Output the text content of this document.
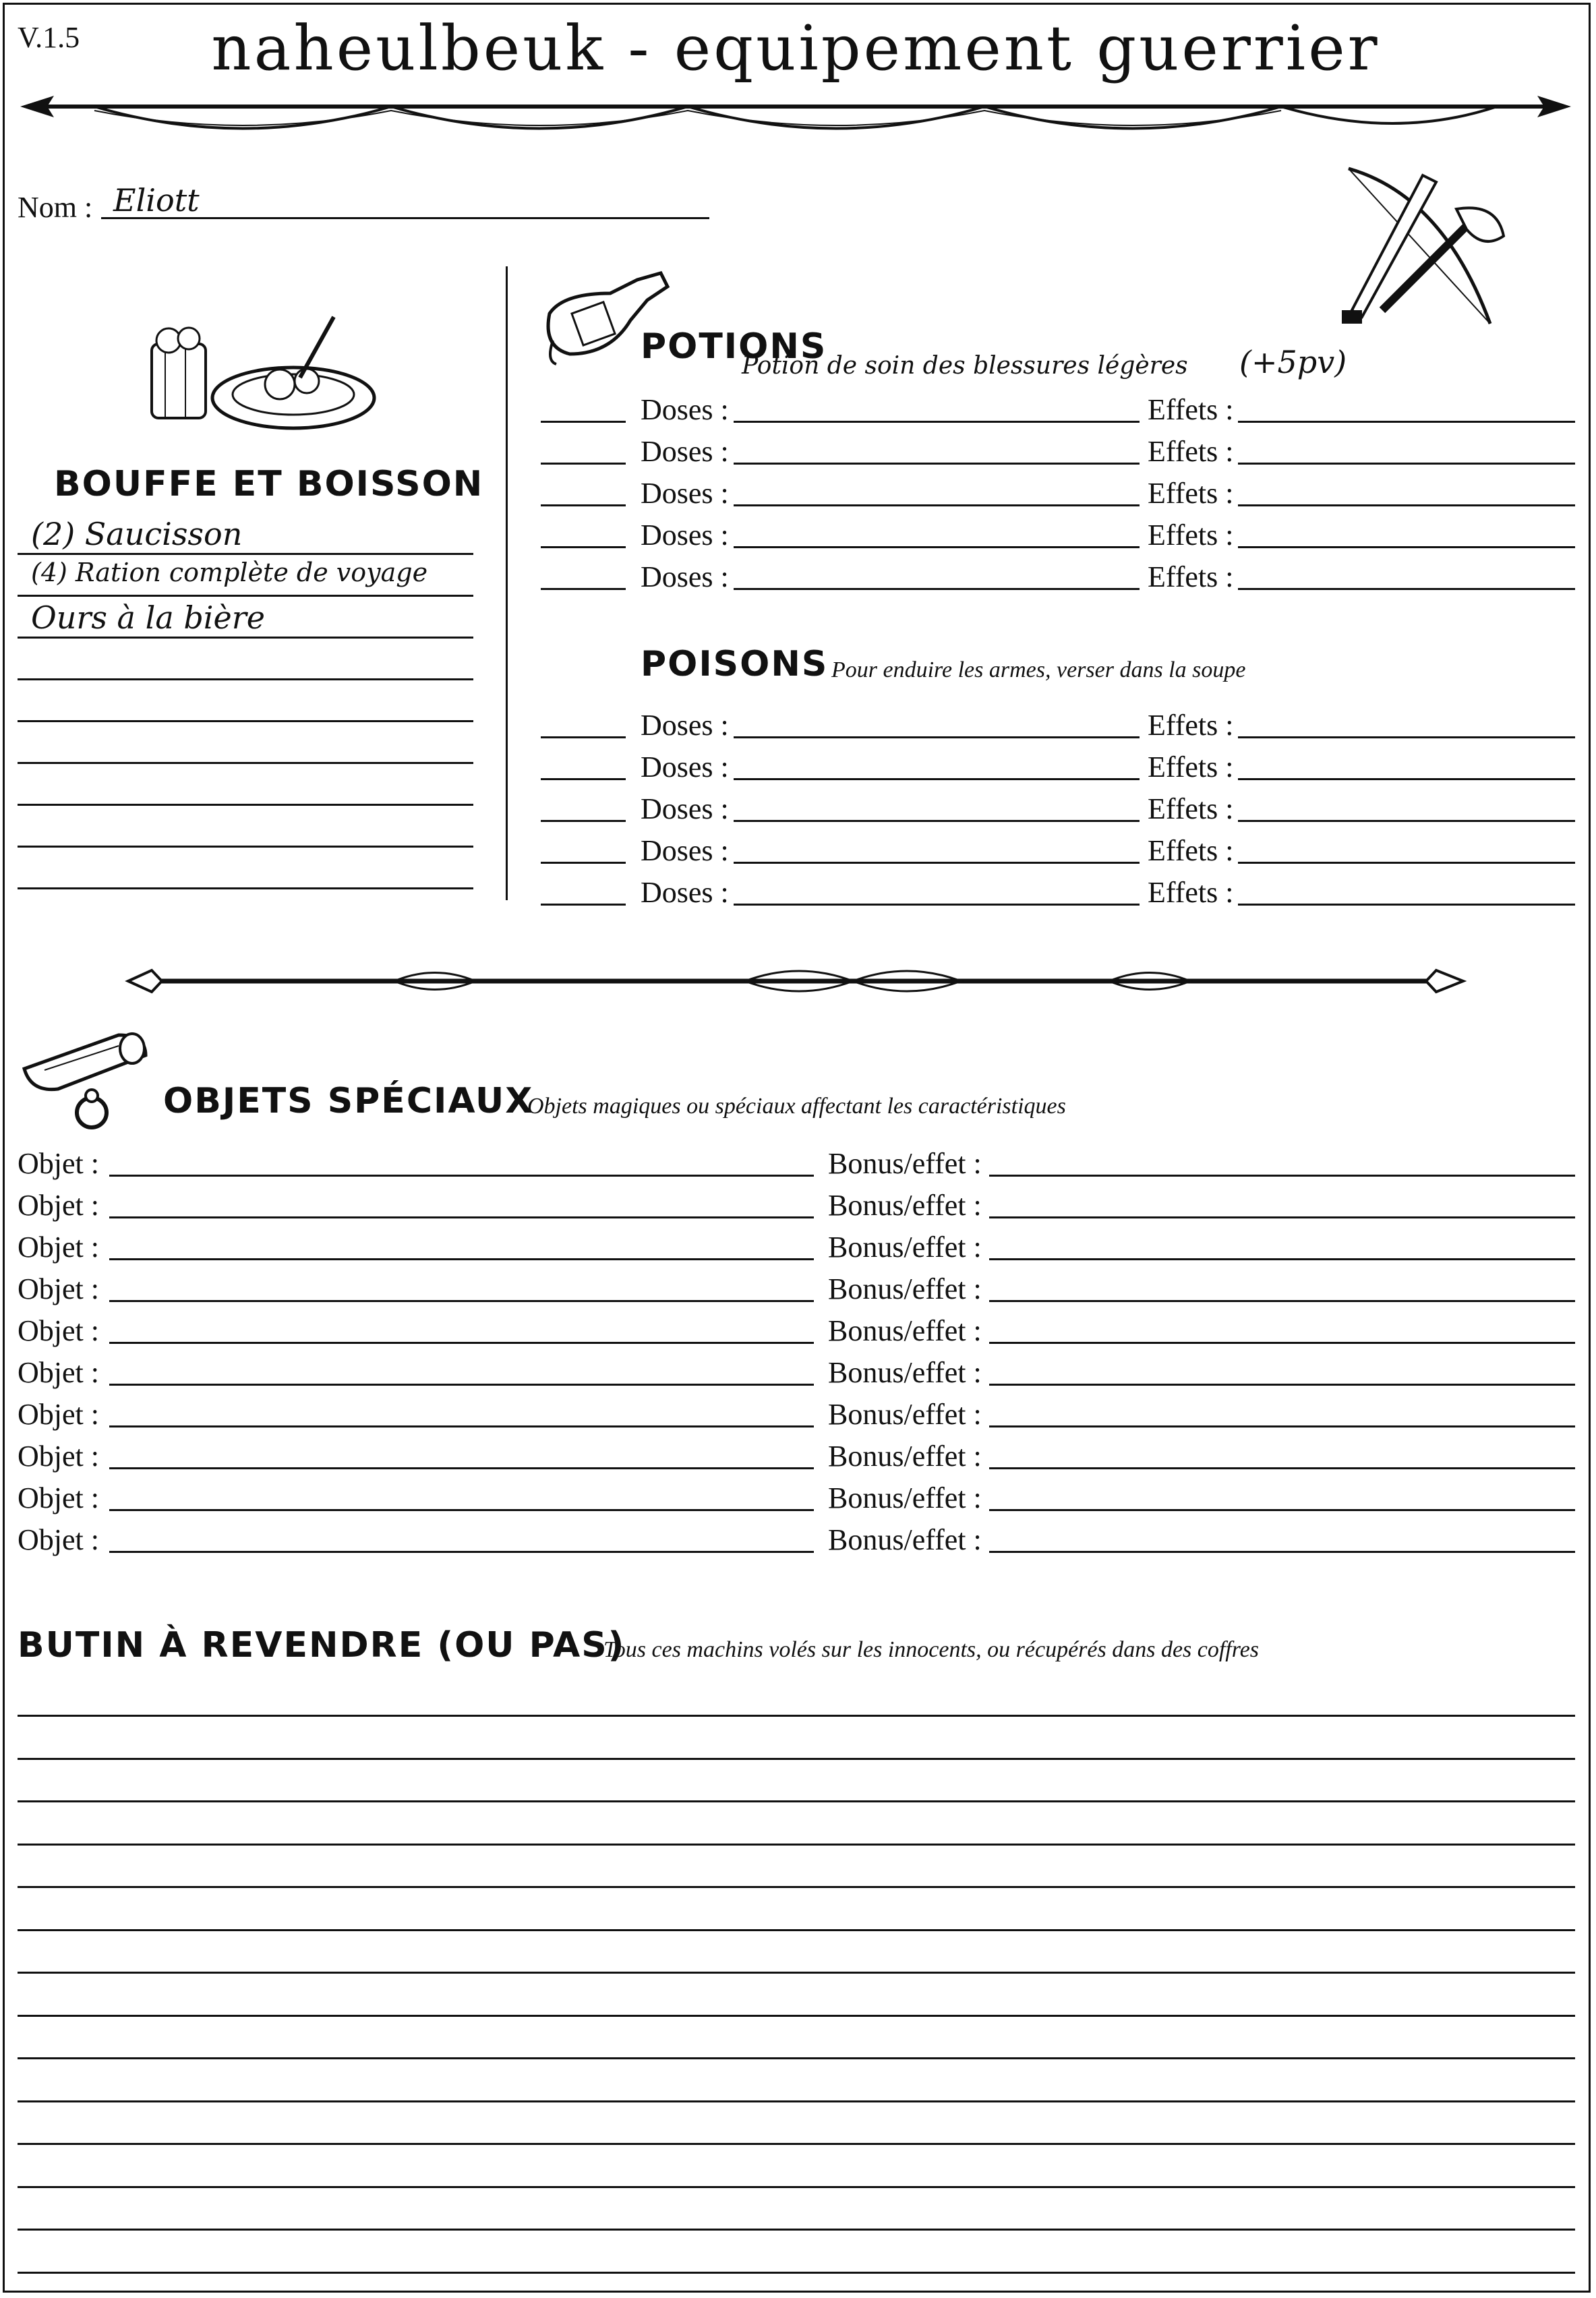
V.1.5	naheulbeuk - equipement guerrier
Nom : Eliott
BOUFFE ET BOISSON
(2) Saucisson
(4) Ration complète de voyage
Ours à la bière
POTIONS
Potion de soin des blessures légères (+5pv)
Doses :	Effets :
Doses :	Effets :
Doses :	Effets :
Doses :	Effets :
Doses :	Effets :
POISONS Pour enduire les armes, verser dans la soupe
Doses :	Effets :
Doses :	Effets :
Doses :	Effets :
Doses :	Effets :
Doses :	Effets :
OBJETS SPÉCIAUX
Objets magiques ou spéciaux affectant les caractéristiques
Objet :	Bonus/effet :
Objet :	Bonus/effet :
Objet :	Bonus/effet :
Objet :	Bonus/effet :
Objet :	Bonus/effet :
Objet :	Bonus/effet :
Objet :	Bonus/effet :
Objet :	Bonus/effet :
Objet :	Bonus/effet :
Objet :	Bonus/effet :
BUTIN À REVENDRE (OU PAS)
Tous ces machins volés sur les innocents, ou récupérés dans des coffres
